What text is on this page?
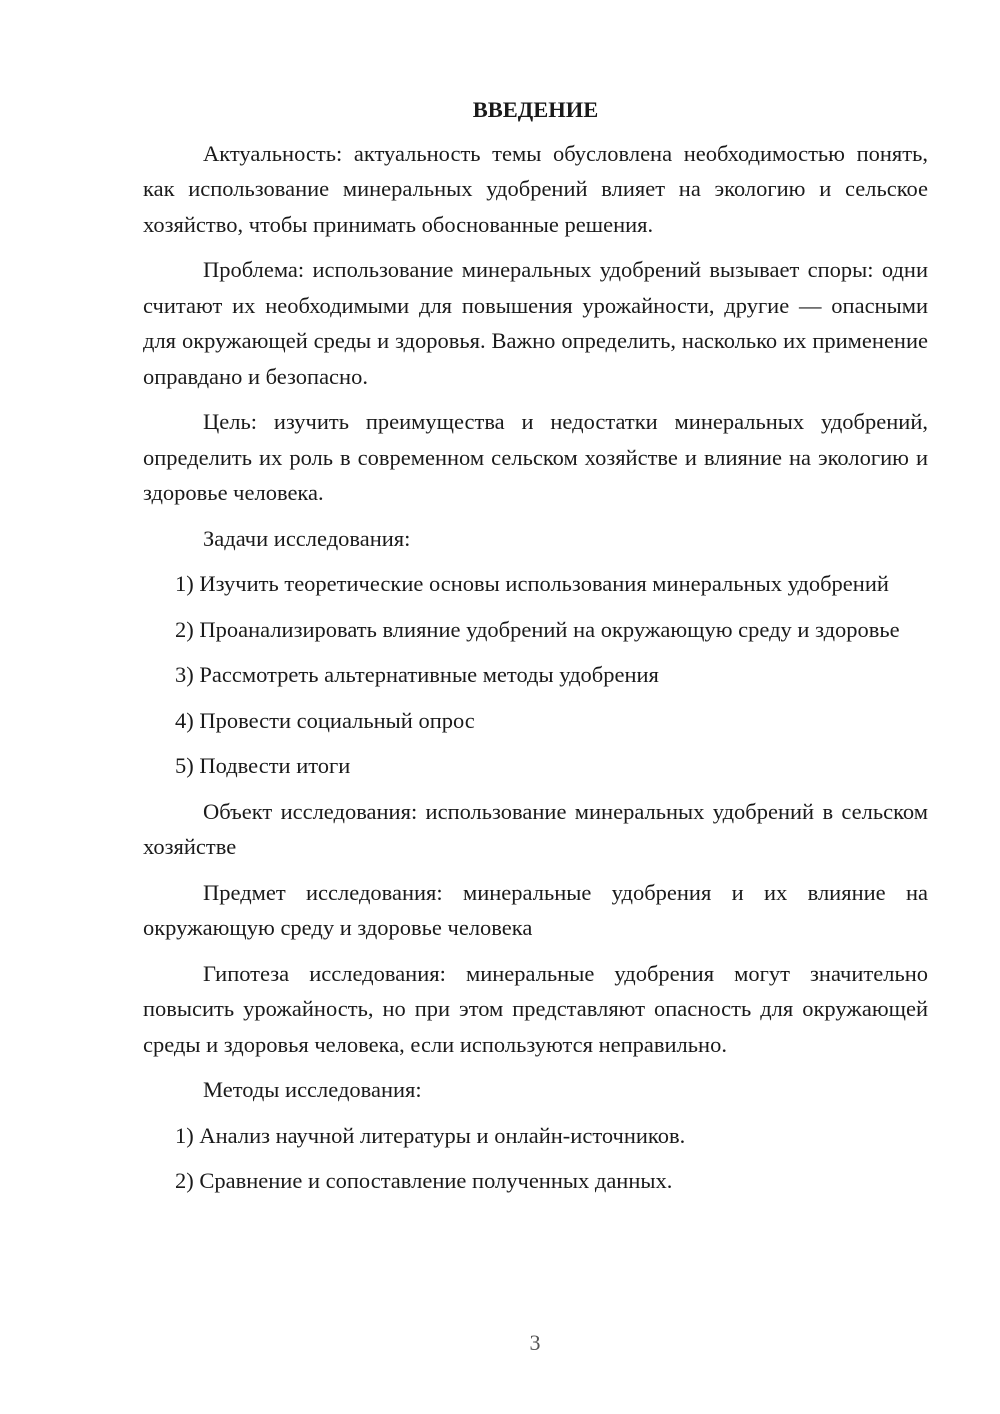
ВВЕДЕНИЕ

Актуальность: актуальность темы обусловлена необходимостью понять, как использование минеральных удобрений влияет на экологию и сельское хозяйство, чтобы принимать обоснованные решения.

Проблема: использование минеральных удобрений вызывает споры: одни считают их необходимыми для повышения урожайности, другие — опасными для окружающей среды и здоровья. Важно определить, насколько их применение оправдано и безопасно.

Цель: изучить преимущества и недостатки минеральных удобрений, определить их роль в современном сельском хозяйстве и влияние на экологию и здоровье человека.

Задачи исследования:

1) Изучить теоретические основы использования минеральных удобрений

2) Проанализировать влияние удобрений на окружающую среду и здоровье

3) Рассмотреть альтернативные методы удобрения

4) Провести социальный опрос

5) Подвести итоги

Объект исследования: использование минеральных удобрений в сельском хозяйстве

Предмет исследования: минеральные удобрения и их влияние на окружающую среду и здоровье человека

Гипотеза исследования: минеральные удобрения могут значительно повысить урожайность, но при этом представляют опасность для окружающей среды и здоровья человека, если используются неправильно.

Методы исследования:

1) Анализ научной литературы и онлайн-источников.

2) Сравнение и сопоставление полученных данных.

3
